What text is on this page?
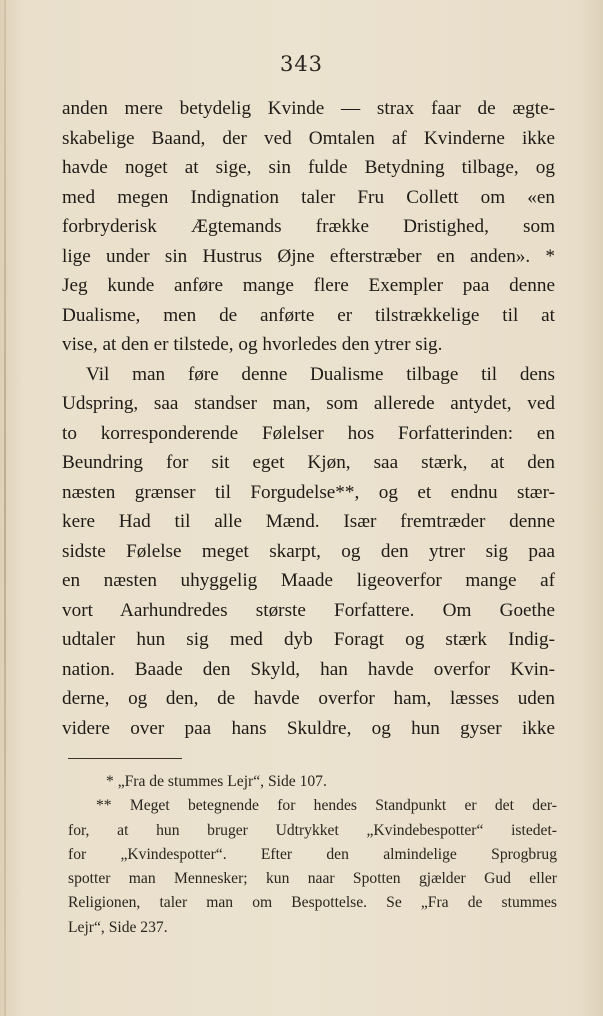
343
anden mere betydelig Kvinde — strax faar de ægte-
skabelige Baand, der ved Omtalen af Kvinderne ikke
havde noget at sige, sin fulde Betydning tilbage, og
med megen Indignation taler Fru Collett om «en
forbryderisk Ægtemands frække Dristighed, som
lige under sin Hustrus Øjne efterstræber en anden». *
Jeg kunde anføre mange flere Exempler paa denne
Dualisme, men de anførte er tilstrækkelige til at
vise, at den er tilstede, og hvorledes den ytrer sig.
Vil man føre denne Dualisme tilbage til dens
Udspring, saa standser man, som allerede antydet, ved
to korresponderende Følelser hos Forfatterinden: en
Beundring for sit eget Kjøn, saa stærk, at den
næsten grænser til Forgudelse**, og et endnu stær-
kere Had til alle Mænd. Især fremtræder denne
sidste Følelse meget skarpt, og den ytrer sig paa
en næsten uhyggelig Maade ligeoverfor mange af
vort Aarhundredes største Forfattere. Om Goethe
udtaler hun sig med dyb Foragt og stærk Indig-
nation. Baade den Skyld, han havde overfor Kvin-
derne, og den, de havde overfor ham, læsses uden
videre over paa hans Skuldre, og hun gyser ikke
* „Fra de stummes Lejr“, Side 107.
** Meget betegnende for hendes Standpunkt er det der-
for, at hun bruger Udtrykket „Kvindebespotter“ istedet-
for „Kvindespotter“. Efter den almindelige Sprogbrug
spotter man Mennesker; kun naar Spotten gjælder Gud eller
Religionen, taler man om Bespottelse. Se „Fra de stummes
Lejr“, Side 237.
